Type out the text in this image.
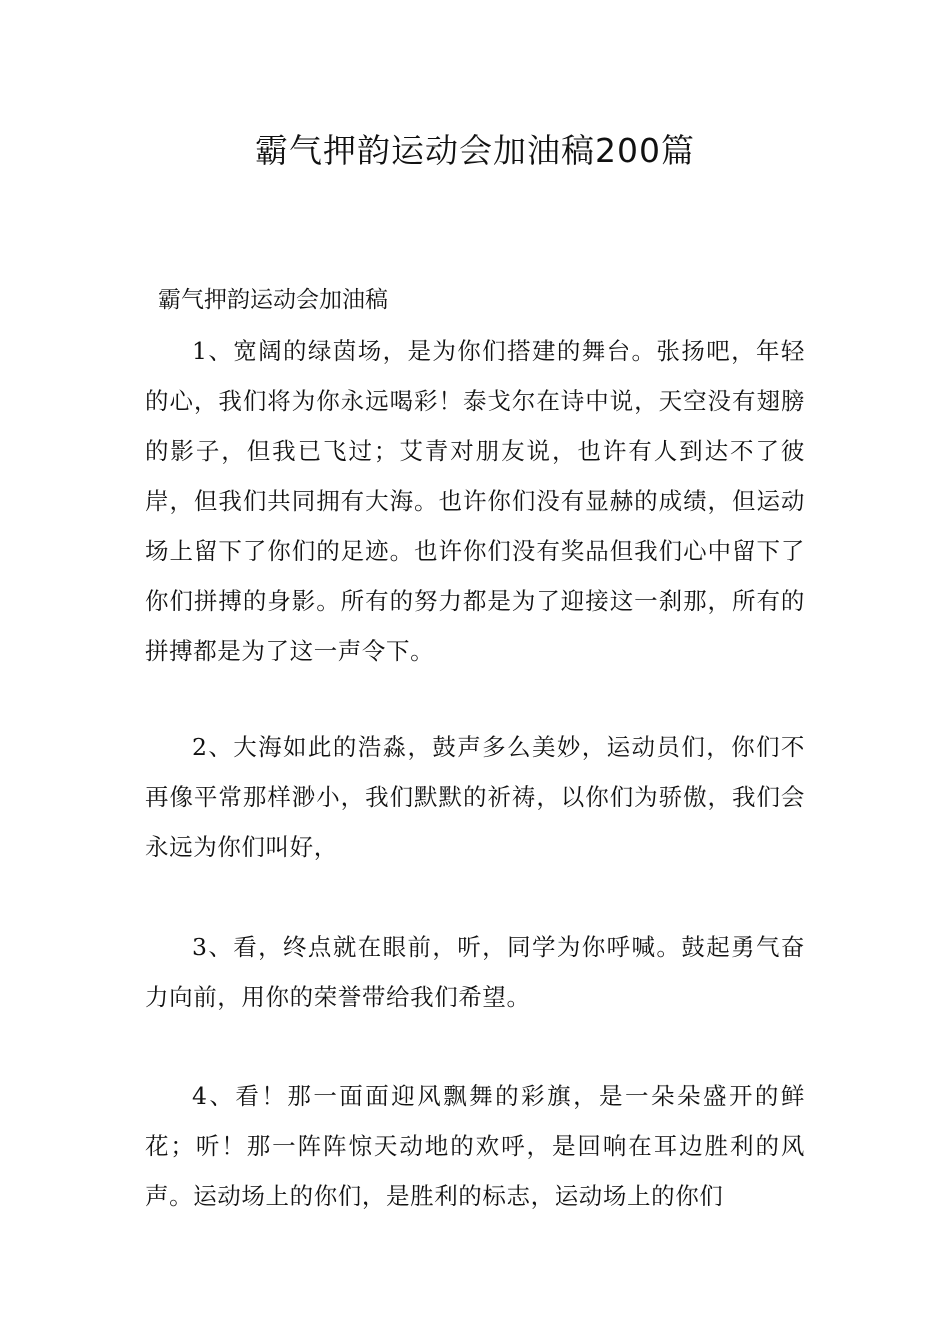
霸气押韵运动会加油稿200篇

霸气押韵运动会加油稿

1、宽阔的绿茵场，是为你们搭建的舞台。张扬吧，年轻的心，我们将为你永远喝彩！泰戈尔在诗中说，天空没有翅膀的影子，但我已飞过；艾青对朋友说，也许有人到达不了彼岸，但我们共同拥有大海。也许你们没有显赫的成绩，但运动场上留下了你们的足迹。也许你们没有奖品但我们心中留下了你们拼搏的身影。所有的努力都是为了迎接这一刹那，所有的拼搏都是为了这一声令下。

2、大海如此的浩淼，鼓声多么美妙，运动员们，你们不再像平常那样渺小，我们默默的祈祷，以你们为骄傲，我们会永远为你们叫好，

3、看，终点就在眼前，听，同学为你呼喊。鼓起勇气奋力向前，用你的荣誉带给我们希望。

4、看！那一面面迎风飘舞的彩旗，是一朵朵盛开的鲜花；听！那一阵阵惊天动地的欢呼，是回响在耳边胜利的风声。运动场上的你们，是胜利的标志，运动场上的你们
